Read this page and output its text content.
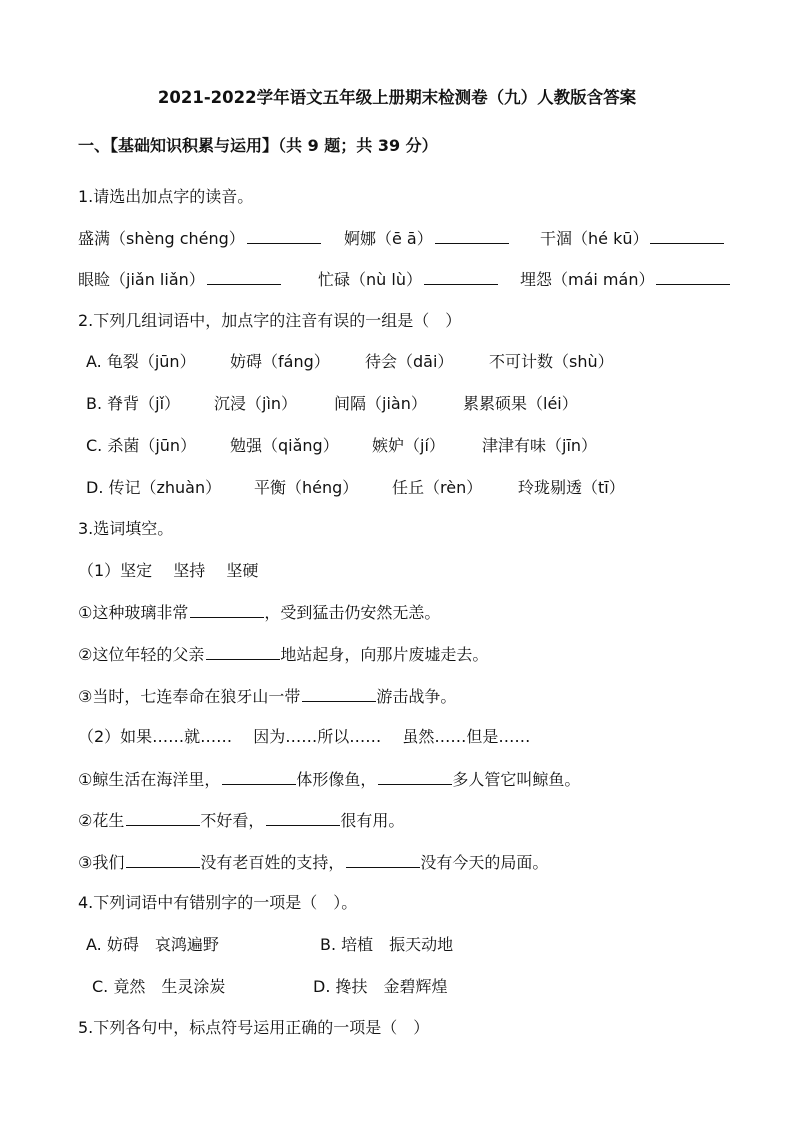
2021-2022学年语文五年级上册期末检测卷（九）人教版含答案
一、【基础知识积累与运用】（共 9 题；共 39 分）
1.请选出加点字的读音。
盛满（shèng chéng）	婀娜（ē ā）	干涸（hé kū）
眼睑（jiǎn liǎn）	忙碌（nù lù）	埋怨（mái mán）
2.下列几组词语中，加点字的注音有误的一组是（　）
A. 龟裂（jūn） 妨碍（fáng） 待会（dāi） 不可计数（shù）
B. 脊背（jǐ） 沉浸（jìn） 间隔（jiàn） 累累硕果（léi）
C. 杀菌（jūn） 勉强（qiǎng） 嫉妒（jí） 津津有味（jīn）
D. 传记（zhuàn） 平衡（héng） 任丘（rèn） 玲珑剔透（tī）
3.选词填空。
（1）坚定　 坚持　 坚硬
①这种玻璃非常	，受到猛击仍安然无恙。
②这位年轻的父亲	地站起身，向那片废墟走去。
③当时，七连奉命在狼牙山一带	游击战争。
（2）如果……就……　 因为……所以……　 虽然……但是……
①鲸生活在海洋里，	体形像鱼，	多人管它叫鲸鱼。
②花生	不好看，	很有用。
③我们	没有老百姓的支持，	没有今天的局面。
4.下列词语中有错别字的一项是（　）。
A. 妨碍　哀鸿遍野	B. 培植　振天动地
C. 竟然　生灵涂炭	D. 搀扶　金碧辉煌
5.下列各句中，标点符号运用正确的一项是（　）
